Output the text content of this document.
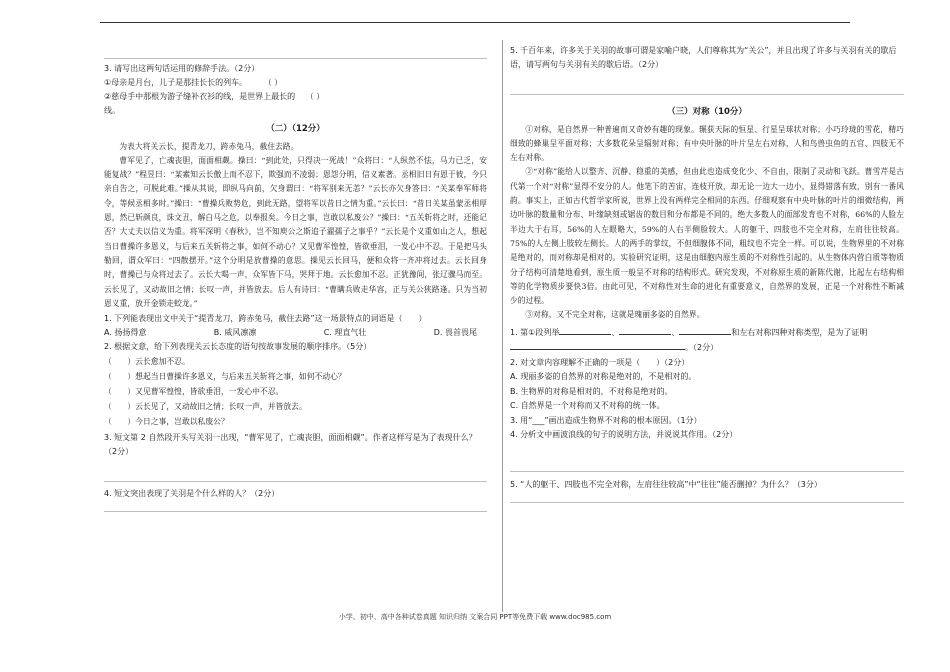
3. 请写出这两句话运用的修辞手法。（2分）

①母亲是月台，儿子是那挂长长的列车。 （ ）

②慈母手中那根为游子缝补衣衫的线，是世界上最长的 （ ）

线。

（二）（12分）

为表大将关云长，提青龙刀，跨赤兔马，截住去路。

曹军见了，亡魂丧胆，面面相觑。操曰：“到此处，只得决一死战！”众将曰：“人纵然不怯，马力已乏，安能复战？”程昱曰：“某素知云长傲上而不忍下，欺强而不凌弱；恩怨分明，信义素著。丞相旧日有恩于彼，今只亲自告之，可脱此难。”操从其说，即纵马向前，欠身谓曰：“将军别来无恙？”云长亦欠身答曰：“关某奉军师将令，等候丞相多时。”操曰：“曹操兵败势危，到此无路，望将军以昔日之情为重。”云长曰：“昔日关某虽蒙丞相厚恩，然已斩颜良，诛文丑，解白马之危，以奉报矣。今日之事，岂敢以私废公？”操曰：“五关斩将之时，还能记否？大丈夫以信义为重。将军深明《春秋》，岂不知庾公之斯追子濯孺子之事乎？”云长是个义重如山之人，想起当日曹操许多恩义，与后来五关斩将之事，如何不动心？又见曹军惶惶，皆欲垂泪，一发心中不忍。于是把马头勒回，谓众军曰：“四散摆开。”这个分明是放曹操的意思。操见云长回马，便和众将一齐冲将过去。云长回身时，曹操已与众将过去了。云长大喝一声，众军皆下马，哭拜于地。云长愈加不忍。正犹豫间，张辽骤马而至。云长见了，又动故旧之情；长叹一声，并皆放去。后人有诗曰：“曹瞒兵败走华容，正与关公狭路逢。只为当初恩义重，放开金锁走蛟龙。”

1. 下列能表现出文中关于“提青龙刀，跨赤兔马，截住去路”这一场景特点的词语是（　　）

A. 扬扬得意	B. 威风凛凛	C. 理直气壮	D. 畏首畏尾

2. 根据文意，给下列表现关云长态度的语句按故事发展的顺序排序。（5分）

（　　）云长愈加不忍。

（　　）想起当日曹操许多恩义，与后来五关斩将之事，如何不动心？

（　　）又见曹军惶惶，皆欲垂泪，一发心中不忍。

（　　）云长见了，又动故旧之情；长叹一声，并皆放去。

（　　）今日之事，岂敢以私废公？

3. 短文第 2 自然段开头写关羽一出现，“曹军见了，亡魂丧胆，面面相觑”。作者这样写是为了表现什么？（2分）

4. 短文突出表现了关羽是个什么样的人？（2分）

5. 千百年来，许多关于关羽的故事可谓是家喻户晓，人们尊称其为“关公”，并且出现了许多与关羽有关的歇后语，请写两句与关羽有关的歇后语。（2分）

（三）对称（10分）

①对称，是自然界一种普遍而又奇妙有趣的现象。辗获天际的恒星、行星呈球状对称；小巧玲珑的雪花，精巧细致的蜂巢呈平面对称；大多数花朵呈辐射对称；有中央叶脉的叶片呈左右对称，人和鸟兽虫鱼的五官、四肢无不左右对称。

②“对称”能给人以整齐、沉静、稳重的美感，但由此也造成变化少、不自由，限制了灵动和飞跃。曹雪芹是古代第一个对“对称”显得不安分的人。他笔下的苦宙，连枝开放，却无论一边大一边小，显得错落有致，别有一番风韵。事实上，正如古代哲学家所说，世界上没有两样完全相同的东西。仔细观察有中央叶脉的叶片的细微结构，两边叶脉的数量和分布、叶缘缺刻或锯齿的数目和分布都是不同的。绝大多数人的面部发育也不对称，66%的人脸左半边大于右耳，56%的人左眼略大，59%的人右半侧脸较大。人的躯干、四肢也不完全对称，左肩往往较高。75%的人左侧上肢较左侧长。人的两手的掌纹，不但细腺体不同，粗纹也不完全一样。可以说，生物界里的不对称是绝对的，而对称却是相对的。实验研究证明，这是由细胞内原生质的不对称性引起的。从生物体内营白质等物质分子结构可清楚地看到，原生质一般呈不对称的结构形式。研究发现，不对称原生质的新陈代谢，比起左右结构相等的化学物质步要快3倍。由此可见，不对称性对生命的进化有重要意义，自然界的发展，正是一个对称性不断减少的过程。

③对称，又不完全对称，这就是瑰丽多姿的自然界。

1. 第①段列举	、	、	和左右对称四种对称类型，是为了证明

。（2分）

2. 对文章内容理解不正确的一项是（　　）（2分）

A. 现丽多姿的自然界的对称是绝对的，不是相对的。

B. 生物界的对称是相对的，不对称是绝对的。

C. 自然界是一个对称而又不对称的统一体。

3. 用“___”画出造成生物界不对称的根本原因。（1分）

4. 分析文中画波浪线的句子的说明方法，并说说其作用。（2分）

5. “人的躯干、四肢也不完全对称，左肩往往较高”中“往往”能否删掉？为什么？（3分）

小学、初中、高中各种试卷真题 知识归纳 文案合同 PPT等免费下载 www.doc985.com
